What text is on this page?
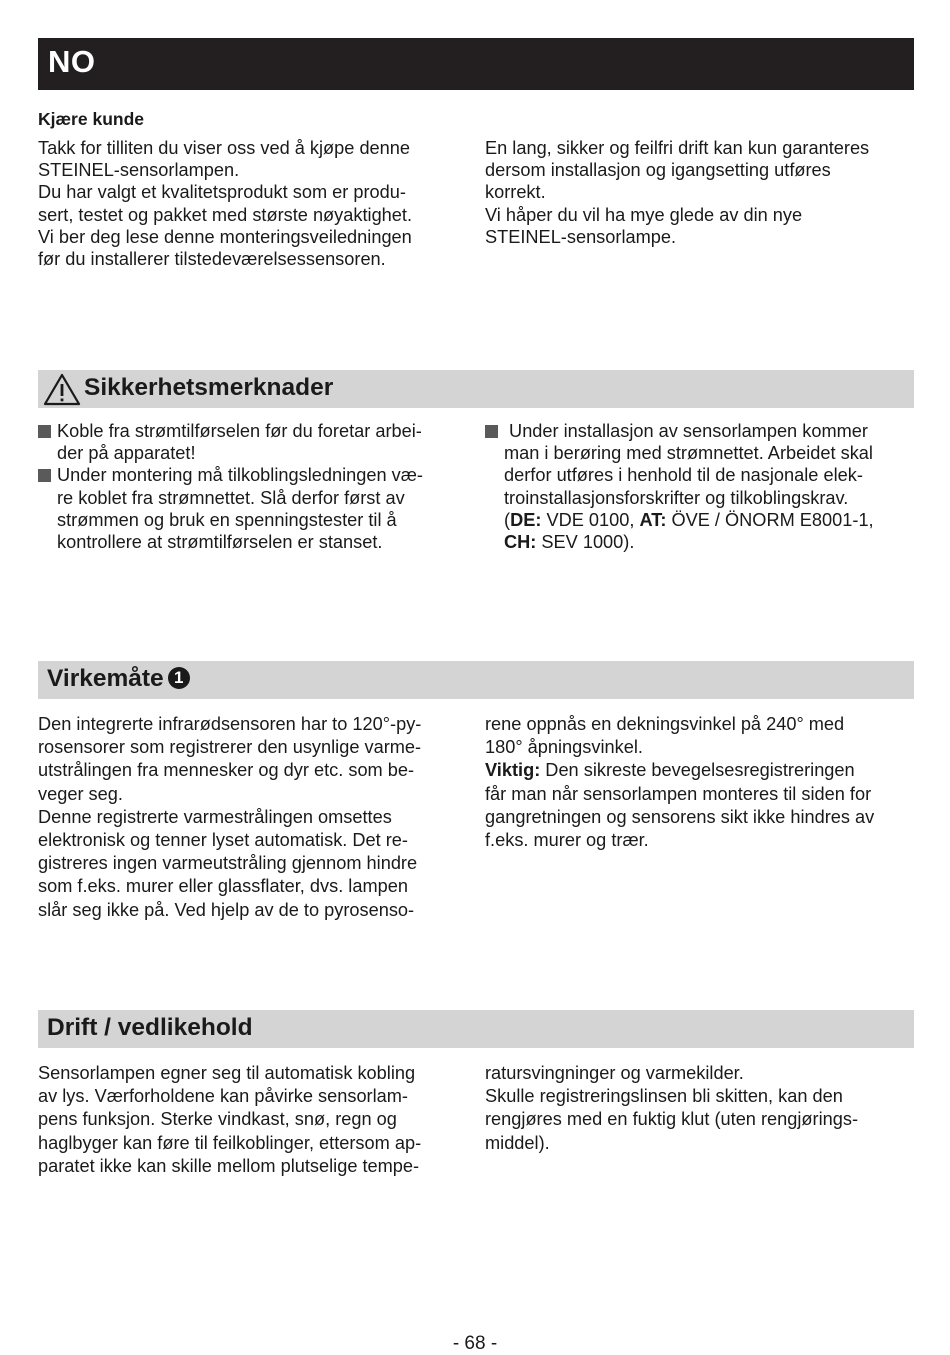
NO
Kjære kunde

Takk for tilliten du viser oss ved å kjøpe denne

STEINEL-sensorlampen.

Du har valgt et kvalitetsprodukt som er produ-

sert, testet og pakket med største nøyaktighet.

Vi ber deg lese denne monteringsveiledningen

før du installerer tilstedeværelsessensoren.

En lang, sikker og feilfri drift kan kun garanteres

dersom installasjon og igangsetting utføres

korrekt.

Vi håper du vil ha mye glede av din nye

STEINEL-sensorlampe.

Sikkerhetsmerknader

Koble fra strømtilførselen før du foretar arbei-

der på apparatet!

Under montering må tilkoblingsledningen væ-

re koblet fra strømnettet. Slå derfor først av

strømmen og bruk en spenningstester til å

kontrollere at strømtilførselen er stanset.

Under installasjon av sensorlampen kommer

man i berøring med strømnettet. Arbeidet skal

derfor utføres i henhold til de nasjonale elek-

troinstallasjonsforskrifter og tilkoblingskrav.

(DE: VDE 0100, AT: ÖVE / ÖNORM E8001-1,

CH: SEV 1000).

Virkemåte 1

Den integrerte infrarødsensoren har to 120°-py-

rosensorer som registrerer den usynlige varme-

utstrålingen fra mennesker og dyr etc. som be-

veger seg.

Denne registrerte varmestrålingen omsettes

elektronisk og tenner lyset automatisk. Det re-

gistreres ingen varmeutstråling gjennom hindre

som f.eks. murer eller glassflater, dvs. lampen

slår seg ikke på. Ved hjelp av de to pyrosenso-

rene oppnås en dekningsvinkel på 240° med

180° åpningsvinkel.

Viktig: Den sikreste bevegelsesregistreringen

får man når sensorlampen monteres til siden for

gangretningen og sensorens sikt ikke hindres av

f.eks. murer og trær.

Drift / vedlikehold

Sensorlampen egner seg til automatisk kobling

av lys. Værforholdene kan påvirke sensorlam-

pens funksjon. Sterke vindkast, snø, regn og

haglbyger kan føre til feilkoblinger, ettersom ap-

paratet ikke kan skille mellom plutselige tempe-

ratursvingninger og varmekilder.

Skulle registreringslinsen bli skitten, kan den

rengjøres med en fuktig klut (uten rengjørings-

middel).

- 68 -
